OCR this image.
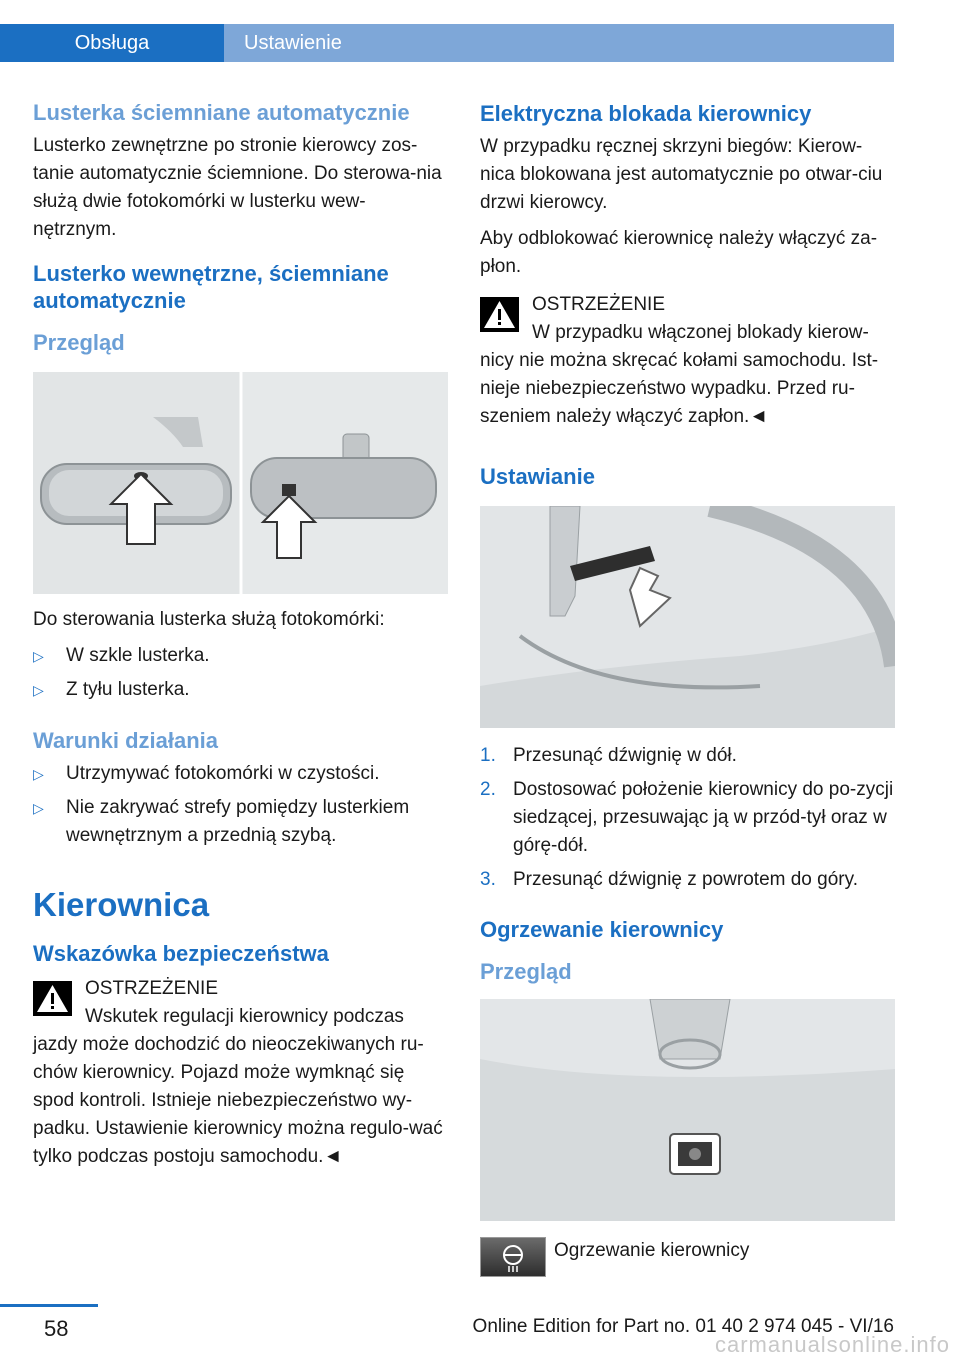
Obsługa	Ustawienie
Lusterka ściemniane automatycznie

Lusterko zewnętrzne po stronie kierowcy zos-tanie automatycznie ściemnione. Do sterowa-nia służą dwie fotokomórki w lusterku wew-nętrznym.

Lusterko wewnętrzne, ściemniane automatycznie
Przegląd

Do sterowania lusterka służą fotokomórki:

▷ W szkle lusterka.
▷ Z tyłu lusterka.
Warunki działania
▷ Utrzymywać fotokomórki w czystości.
▷ Nie zakrywać strefy pomiędzy lusterkiem wewnętrznym a przednią szybą.
Kierownica
Wskazówka bezpieczeństwa
OSTRZEŻENIE
Wskutek regulacji kierownicy podczas
jazdy może dochodzić do nieoczekiwanych ru-chów kierownicy. Pojazd może wymknąć się spod kontroli. Istnieje niebezpieczeństwo wy-padku. Ustawienie kierownicy można regulo-wać tylko podczas postoju samochodu.◄
Elektryczna blokada kierownicy

W przypadku ręcznej skrzyni biegów: Kierow-nica blokowana jest automatycznie po otwar-ciu drzwi kierowcy.

Aby odblokować kierownicę należy włączyć za-płon.

OSTRZEŻENIE
W przypadku włączonej blokady kierow-
nicy nie można skręcać kołami samochodu. Ist-nieje niebezpieczeństwo wypadku. Przed ru-szeniem należy włączyć zapłon.◄
Ustawianie
1. Przesunąć dźwignię w dół.
2. Dostosować położenie kierownicy do po-zycji siedzącej, przesuwając ją w przód-tył oraz w górę-dół.
3. Przesunąć dźwignię z powrotem do góry.
Ogrzewanie kierownicy
Przegląd
Ogrzewanie kierownicy
58	Online Edition for Part no. 01 40 2 974 045 - VI/16
carmanualsonline.info
